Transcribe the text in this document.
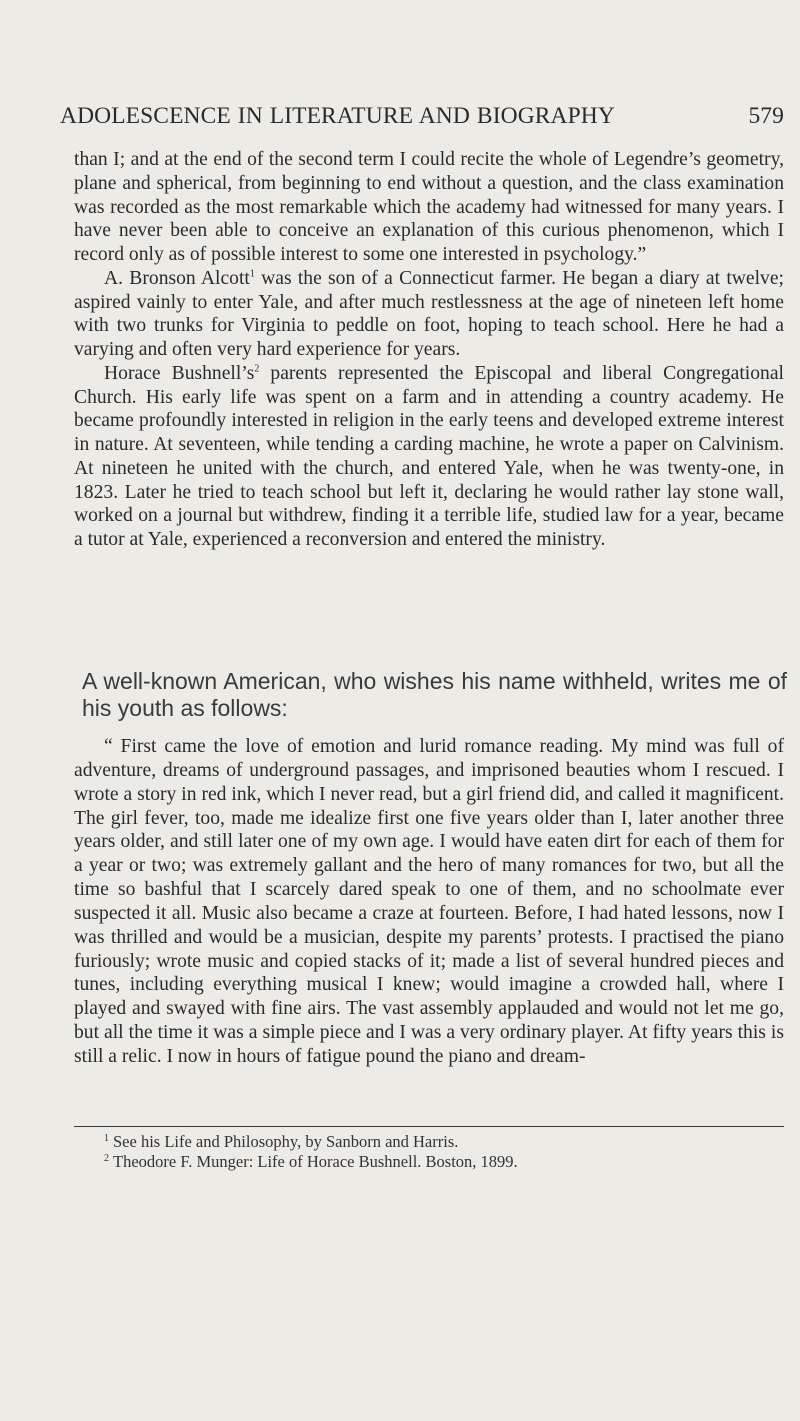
ADOLESCENCE IN LITERATURE AND BIOGRAPHY	579

than I; and at the end of the second term I could recite the whole of Legendre’s geometry, plane and spherical, from beginning to end without a question, and the class examination was recorded as the most remarkable which the academy had witnessed for many years. I have never been able to conceive an explanation of this curious phenomenon, which I record only as of possible interest to some one interested in psychology.”

A. Bronson Alcott$^1$ was the son of a Connecticut farmer. He began a diary at twelve; aspired vainly to enter Yale, and after much restlessness at the age of nineteen left home with two trunks for Virginia to peddle on foot, hoping to teach school. Here he had a varying and often very hard experience for years.

Horace Bushnell’s$^2$ parents represented the Episcopal and liberal Congregational Church. His early life was spent on a farm and in attending a country academy. He became profoundly interested in religion in the early teens and developed extreme interest in nature. At seventeen, while tending a carding machine, he wrote a paper on Calvinism. At nineteen he united with the church, and entered Yale, when he was twenty-one, in 1823. Later he tried to teach school but left it, declaring he would rather lay stone wall, worked on a journal but withdrew, finding it a terrible life, studied law for a year, became a tutor at Yale, experienced a reconversion and entered the ministry.

A well-known American, who wishes his name withheld, writes me of his youth as follows:

“ First came the love of emotion and lurid romance reading. My mind was full of adventure, dreams of underground passages, and imprisoned beauties whom I rescued. I wrote a story in red ink, which I never read, but a girl friend did, and called it magnificent. The girl fever, too, made me idealize first one five years older than I, later another three years older, and still later one of my own age. I would have eaten dirt for each of them for a year or two; was extremely gallant and the hero of many romances for two, but all the time so bashful that I scarcely dared speak to one of them, and no schoolmate ever suspected it all. Music also became a craze at fourteen. Before, I had hated lessons, now I was thrilled and would be a musician, despite my parents’ protests. I practised the piano furiously; wrote music and copied stacks of it; made a list of several hundred pieces and tunes, including everything musical I knew; would imagine a crowded hall, where I played and swayed with fine airs. The vast assembly applauded and would not let me go, but all the time it was a simple piece and I was a very ordinary player. At fifty years this is still a relic. I now in hours of fatigue pound the piano and dream-

$^1$ See his Life and Philosophy, by Sanborn and Harris.

$^2$ Theodore F. Munger: Life of Horace Bushnell. Boston, 1899.
